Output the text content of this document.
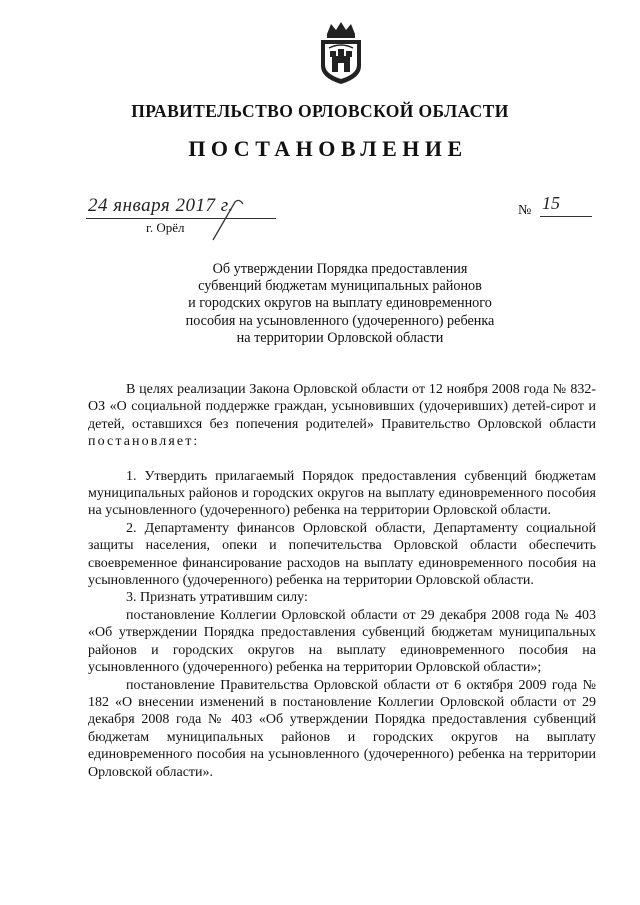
ПРАВИТЕЛЬСТВО ОРЛОВСКОЙ ОБЛАСТИ
ПОСТАНОВЛЕНИЕ
24 января 2017 г.
г. Орёл
№ 15
Об утверждении Порядка предоставления
субвенций бюджетам муниципальных районов
и городских округов на выплату единовременного
пособия на усыновленного (удочеренного) ребенка
на территории Орловской области

В целях реализации Закона Орловской области от 12 ноября 2008 года № 832-ОЗ «О социальной поддержке граждан, усыновивших (удочеривших) детей-сирот и детей, оставшихся без попечения родителей» Правительство Орловской области постановляет:

1. Утвердить прилагаемый Порядок предоставления субвенций бюджетам муниципальных районов и городских округов на выплату единовременного пособия на усыновленного (удочеренного) ребенка на территории Орловской области.

2. Департаменту финансов Орловской области, Департаменту социальной защиты населения, опеки и попечительства Орловской области обеспечить своевременное финансирование расходов на выплату единовременного пособия на усыновленного (удочеренного) ребенка на территории Орловской области.

3. Признать утратившим силу:

постановление Коллегии Орловской области от 29 декабря 2008 года № 403 «Об утверждении Порядка предоставления субвенций бюджетам муниципальных районов и городских округов на выплату единовременного пособия на усыновленного (удочеренного) ребенка на территории Орловской области»;

постановление Правительства Орловской области от 6 октября 2009 года № 182 «О внесении изменений в постановление Коллегии Орловской области от 29 декабря 2008 года № 403 «Об утверждении Порядка предоставления субвенций бюджетам муниципальных районов и городских округов на выплату единовременного пособия на усыновленного (удочеренного) ребенка на территории Орловской области».
